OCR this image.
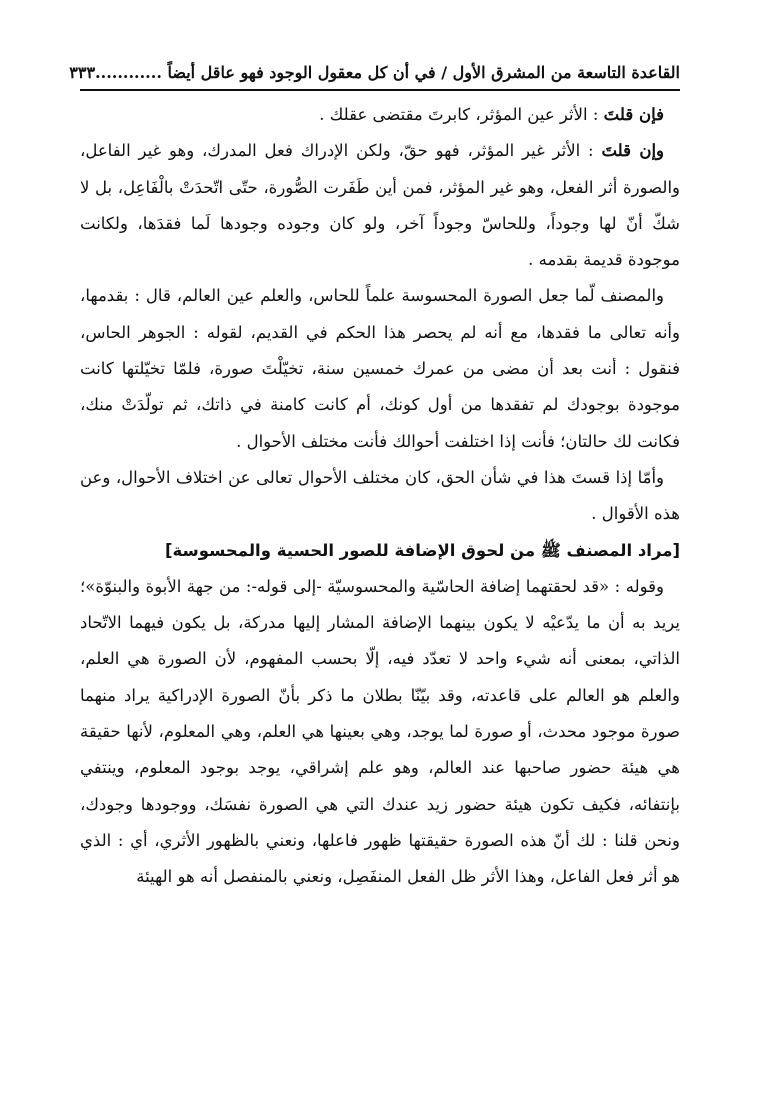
القاعدة التاسعة من المشرق الأول / في أن كل معقول الوجود فهو عاقل أيضاً ............
٣٣٣

فإن قلتَ : الأثر عين المؤثر، كابرتَ مقتضى عقلك .

وإن قلتَ : الأثر غير المؤثر، فهو حقّ، ولكن الإدراك فعل المدرك، وهو غير الفاعل، والصورة أثر الفعل، وهو غير المؤثر، فمن أين طَفَرت الصُّورة، حتّى اتّحدَتْ بالْفَاعِل، بل لا شكّ أنّ لها وجوداً، وللحاسّ وجوداً آخر، ولو كان وجوده وجودها لَما فقدَها، ولكانت موجودة قديمة بقدمه .

والمصنف لّما جعل الصورة المحسوسة علماً للحاس، والعلم عين العالم، قال : بقدمها، وأنه تعالى ما فقدها، مع أنه لم يحصر هذا الحكم في القديم، لقوله : الجوهر الحاس، فنقول : أنت بعد أن مضى من عمرك خمسين سنة، تخيّلْتَ صورة، فلمّا تخيّلتها كانت موجودة بوجودك لم تفقدها من أول كونك، أم كانت كامنة في ذاتك، ثم تولّدَتْ منك، فكانت لك حالتان؛ فأنت إذا اختلفت أحوالك فأنت مختلف الأحوال .

وأمّا إذا قستَ هذا في شأن الحق، كان مختلف الأحوال تعالى عن اختلاف الأحوال، وعن هذه الأقوال .

[مراد المصنف ﷺ من لحوق الإضافة للصور الحسية والمحسوسة]

وقوله : «قد لحقتهما إضافة الحاسّية والمحسوسيّة -إلى قوله-: من جهة الأبوة والبنوّة»؛ يريد به أن ما يدّعيْه لا يكون بينهما الإضافة المشار إليها مدركة، بل يكون فيهما الاتّحاد الذاتي، بمعنى أنه شيء واحد لا تعدّد فيه، إلّا بحسب المفهوم، لأن الصورة هي العلم، والعلم هو العالم على قاعدته، وقد بيّنّا بطلان ما ذكر بأنّ الصورة الإدراكية يراد منهما صورة موجود محدث، أو صورة لما يوجد، وهي بعينها هي العلم، وهي المعلوم، لأنها حقيقة هي هيئة حضور صاحبها عند العالم، وهو علم إشراقي، يوجد بوجود المعلوم، وينتفي بإنتفائه، فكيف تكون هيئة حضور زيد عندك التي هي الصورة نفسَك، ووجودها وجودك، ونحن قلنا : لك أنّ هذه الصورة حقيقتها ظهور فاعلها، ونعني بالظهور الأثري، أي : الذي هو أثر فعل الفاعل، وهذا الأثر ظل الفعل المنفَصِل، ونعني بالمنفصل أنه هو الهيئة
